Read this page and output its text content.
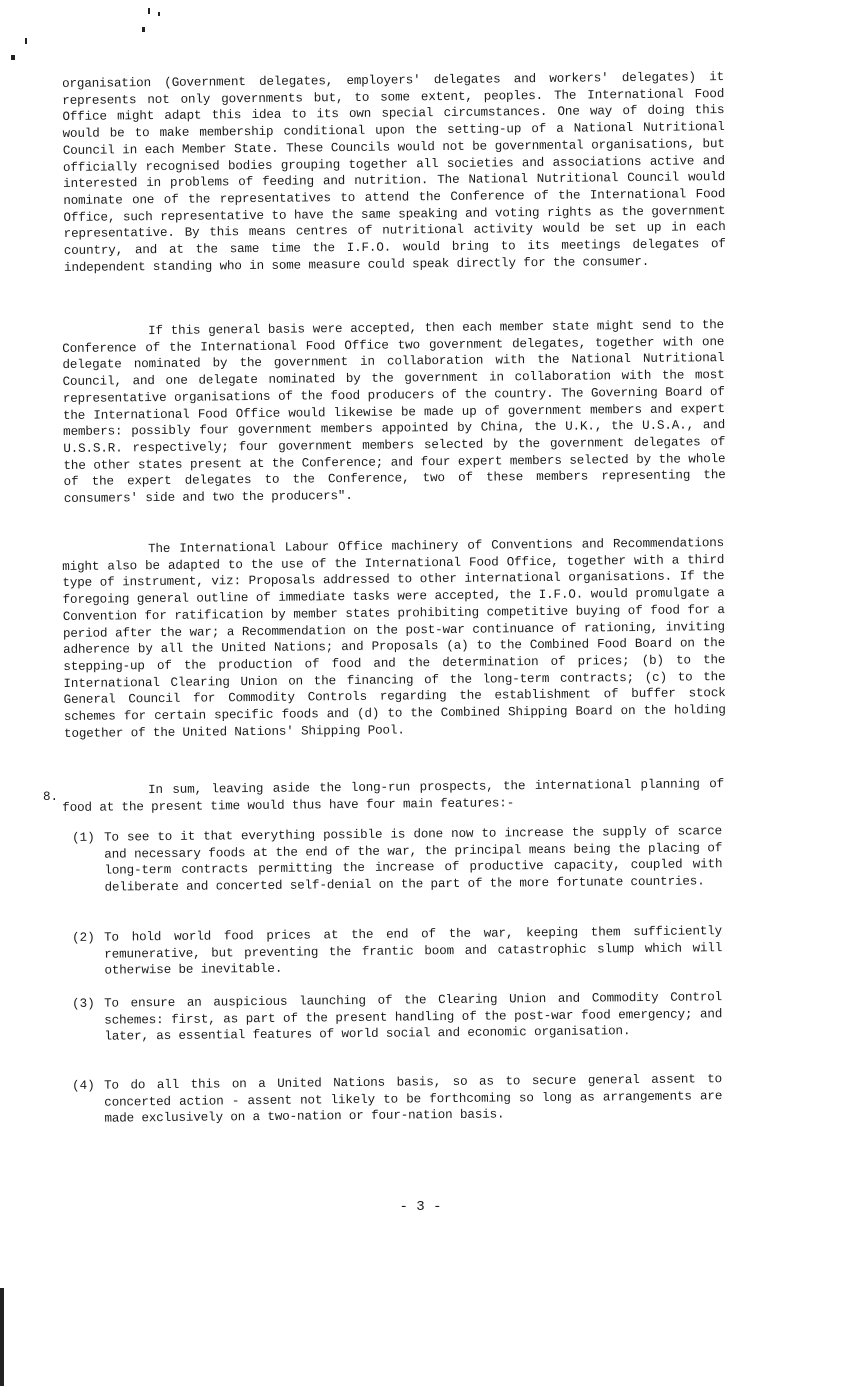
organisation (Government delegates, employers' delegates and workers' delegates) it represents not only governments but, to some extent, peoples. The International Food Office might adapt this idea to its own special circumstances. One way of doing this would be to make membership conditional upon the setting-up of a National Nutritional Council in each Member State. These Councils would not be governmental organisations, but officially recognised bodies grouping together all societies and associations active and interested in problems of feeding and nutrition. The National Nutritional Council would nominate one of the representatives to attend the Conference of the International Food Office, such representative to have the same speaking and voting rights as the government representative. By this means centres of nutritional activity would be set up in each country, and at the same time the I.F.O. would bring to its meetings delegates of independent standing who in some measure could speak directly for the consumer.

If this general basis were accepted, then each member state might send to the Conference of the International Food Office two government delegates, together with one delegate nominated by the government in collaboration with the National Nutritional Council, and one delegate nominated by the government in collaboration with the most representative organisations of the food producers of the country. The Governing Board of the International Food Office would likewise be made up of government members and expert members: possibly four government members appointed by China, the U.K., the U.S.A., and U.S.S.R. respectively; four government members selected by the government delegates of the other states present at the Conference; and four expert members selected by the whole of the expert delegates to the Conference, two of these members representing the consumers' side and two the producers".

The International Labour Office machinery of Conventions and Recommendations might also be adapted to the use of the International Food Office, together with a third type of instrument, viz: Proposals addressed to other international organisations. If the foregoing general outline of immediate tasks were accepted, the I.F.O. would promulgate a Convention for ratification by member states prohibiting competitive buying of food for a period after the war; a Recommendation on the post-war continuance of rationing, inviting adherence by all the United Nations; and Proposals (a) to the Combined Food Board on the stepping-up of the production of food and the determination of prices; (b) to the International Clearing Union on the financing of the long-term contracts; (c) to the General Council for Commodity Controls regarding the establishment of buffer stock schemes for certain specific foods and (d) to the Combined Shipping Board on the holding together of the United Nations' Shipping Pool.

8.	In sum, leaving aside the long-run prospects, the international planning of food at the present time would thus have four main features:-

(1) To see to it that everything possible is done now to increase the supply of scarce and necessary foods at the end of the war, the principal means being the placing of long-term contracts permitting the increase of productive capacity, coupled with deliberate and concerted self-denial on the part of the more fortunate countries.
(2) To hold world food prices at the end of the war, keeping them sufficiently remunerative, but preventing the frantic boom and catastrophic slump which will otherwise be inevitable.
(3) To ensure an auspicious launching of the Clearing Union and Commodity Control schemes: first, as part of the present handling of the post-war food emergency; and later, as essential features of world social and economic organisation.
(4) To do all this on a United Nations basis, so as to secure general assent to concerted action - assent not likely to be forthcoming so long as arrangements are made exclusively on a two-nation or four-nation basis.
- 3 -
